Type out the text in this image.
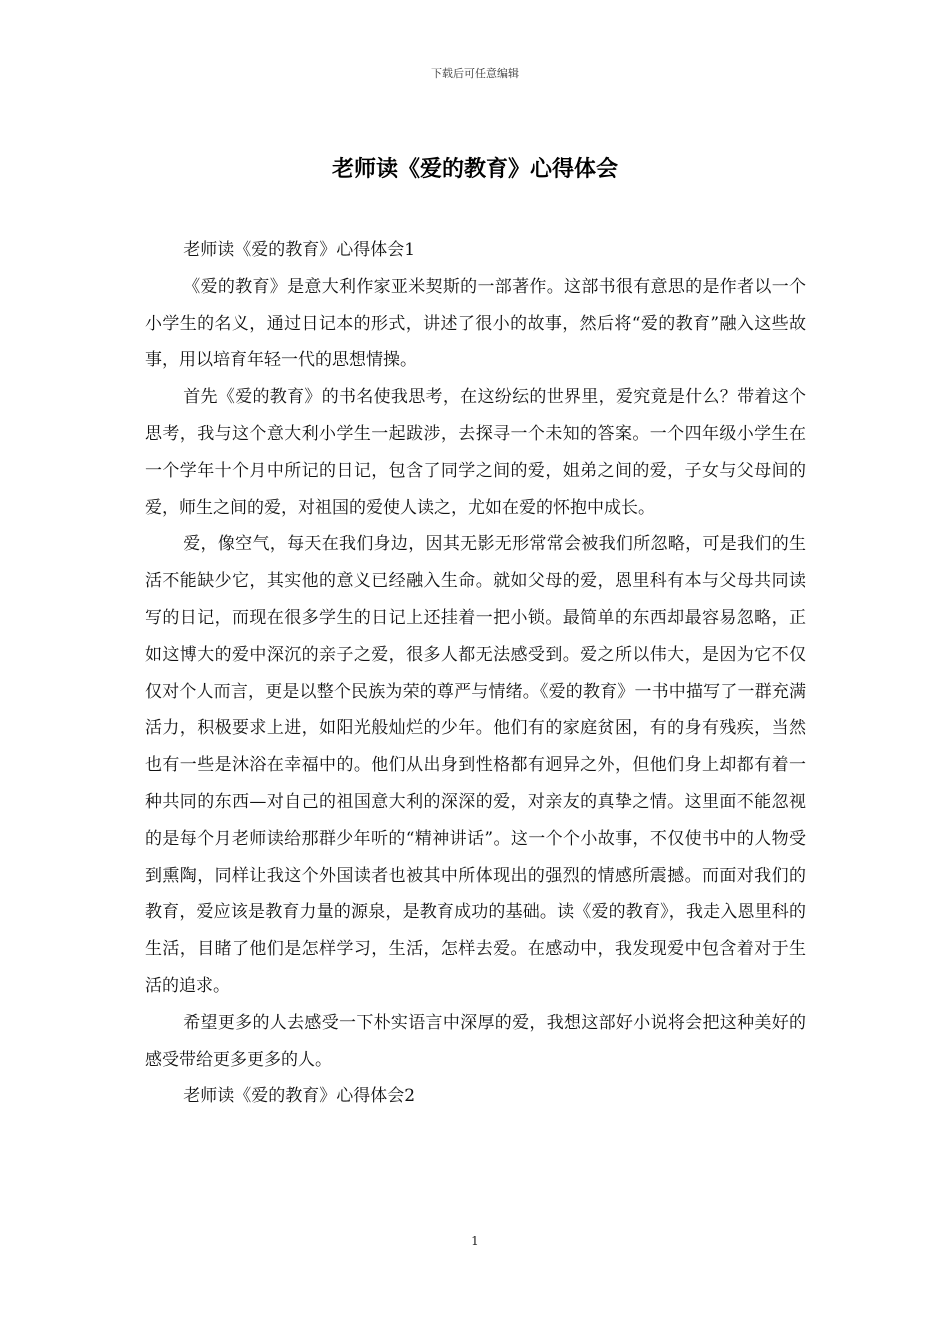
下载后可任意编辑
老师读《爱的教育》心得体会

老师读《爱的教育》心得体会1

《爱的教育》是意大利作家亚米契斯的一部著作。这部书很有意思的是作者以一个小学生的名义，通过日记本的形式，讲述了很小的故事，然后将“爱的教育”融入这些故事，用以培育年轻一代的思想情操。

首先《爱的教育》的书名使我思考，在这纷纭的世界里，爱究竟是什么？带着这个思考，我与这个意大利小学生一起跋涉，去探寻一个未知的答案。一个四年级小学生在一个学年十个月中所记的日记，包含了同学之间的爱，姐弟之间的爱，子女与父母间的爱，师生之间的爱，对祖国的爱使人读之，尤如在爱的怀抱中成长。

爱，像空气，每天在我们身边，因其无影无形常常会被我们所忽略，可是我们的生活不能缺少它，其实他的意义已经融入生命。就如父母的爱，恩里科有本与父母共同读写的日记，而现在很多学生的日记上还挂着一把小锁。最简单的东西却最容易忽略，正如这博大的爱中深沉的亲子之爱，很多人都无法感受到。爱之所以伟大，是因为它不仅仅对个人而言，更是以整个民族为荣的尊严与情绪。《爱的教育》一书中描写了一群充满活力，积极要求上进，如阳光般灿烂的少年。他们有的家庭贫困，有的身有残疾，当然也有一些是沐浴在幸福中的。他们从出身到性格都有迥异之外，但他们身上却都有着一种共同的东西—对自己的祖国意大利的深深的爱，对亲友的真挚之情。这里面不能忽视的是每个月老师读给那群少年听的“精神讲话”。这一个个小故事，不仅使书中的人物受到熏陶，同样让我这个外国读者也被其中所体现出的强烈的情感所震撼。而面对我们的教育，爱应该是教育力量的源泉，是教育成功的基础。读《爱的教育》，我走入恩里科的生活，目睹了他们是怎样学习，生活，怎样去爱。在感动中，我发现爱中包含着对于生活的追求。

希望更多的人去感受一下朴实语言中深厚的爱，我想这部好小说将会把这种美好的感受带给更多更多的人。

老师读《爱的教育》心得体会2

1
